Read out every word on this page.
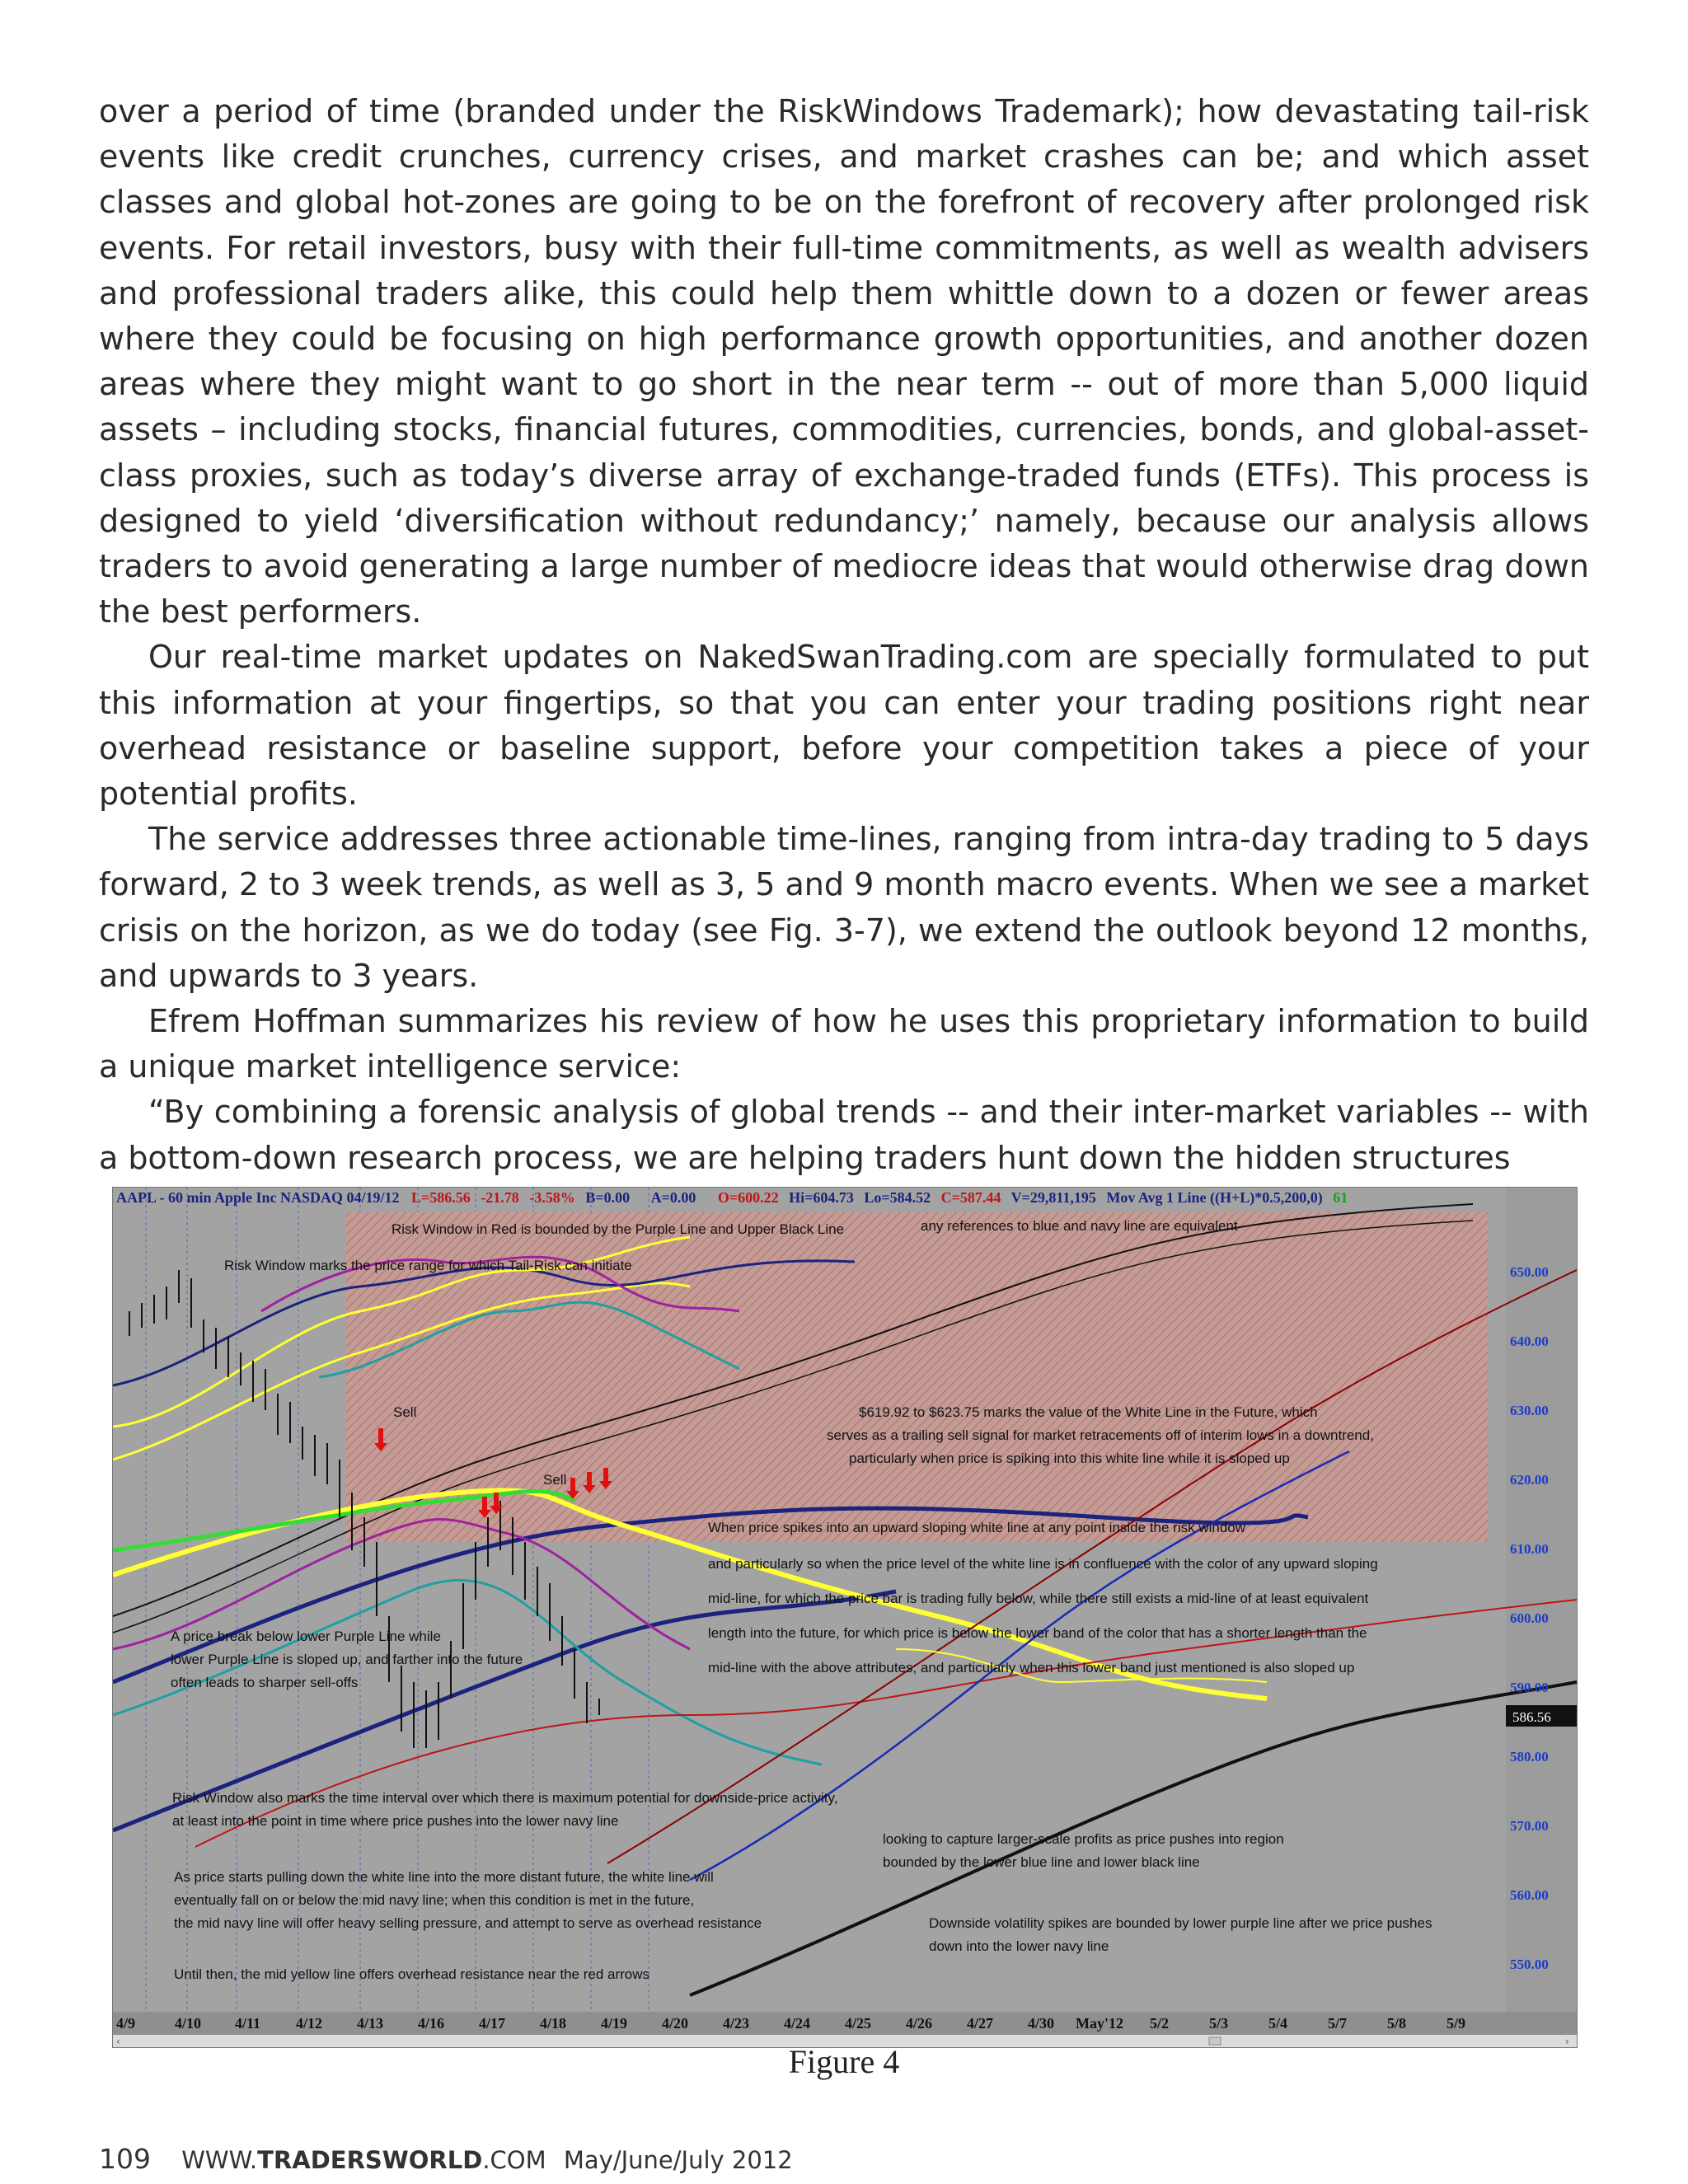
over a period of time (branded under the RiskWindows Trademark); how devastating tail-risk events like credit crunches, currency crises, and market crashes can be; and which asset classes and global hot-zones are going to be on the forefront of recovery after prolonged risk events. For retail investors, busy with their full-time commitments, as well as wealth advisers and professional traders alike, this could help them whittle down to a dozen or fewer areas where they could be focusing on high performance growth opportunities, and another dozen areas where they might want to go short in the near term -- out of more than 5,000 liquid assets – including stocks, financial futures, commodities, currencies, bonds, and global-asset-class proxies, such as today’s diverse array of exchange-traded funds (ETFs). This process is designed to yield ‘diversification without redundancy;’ namely, because our analysis allows traders to avoid generating a large number of mediocre ideas that would otherwise drag down the best performers.

Our real-time market updates on NakedSwanTrading.com are specially formulated to put this information at your fingertips, so that you can enter your trading positions right near overhead resistance or baseline support, before your competition takes a piece of your potential profits.

The service addresses three actionable time-lines, ranging from intra-day trading to 5 days forward, 2 to 3 week trends, as well as 3, 5 and 9 month macro events. When we see a market crisis on the horizon, as we do today (see Fig. 3-7), we extend the outlook beyond 12 months, and upwards to 3 years.

Efrem Hoffman summarizes his review of how he uses this proprietary information to build a unique market intelligence service:

“By combining a forensic analysis of global trends -- and their inter-market variables -- with a bottom-down research process, we are helping traders hunt down the hidden structures

AAPL - 60 min Apple Inc NASDAQ 04/19/12 L=586.56 -21.78 -3.58% B=0.00 A=0.00 O=600.22 Hi=604.73 Lo=584.52 C=587.44 V=29,811,195 Mov Avg 1 Line ((H+L)*0.5,200,0) 61
Risk Window in Red is bounded by the Purple Line and Upper Black Line	any references to blue and navy line are equivalent
Risk Window marks the price range for which Tail-Risk can initiate
Sell
Sell
$619.92 to $623.75 marks the value of the White Line in the Future, which
serves as a trailing sell signal for market retracements off of interim lows in a downtrend,
particularly when price is spiking into this white line while it is sloped up
When price spikes into an upward sloping white line at any point inside the risk window
and particularly so when the price level of the white line is in confluence with the color of any upward sloping
mid-line, for which the price bar is trading fully below, while there still exists a mid-line of at least equivalent
length into the future, for which price is below the lower band of the color that has a shorter length than the
mid-line with the above attributes; and particularly when this lower band just mentioned is also sloped up
A price break below lower Purple Line while
lower Purple Line is sloped up, and farther into the future
often leads to sharper sell-offs
Risk Window also marks the time interval over which there is maximum potential for downside-price activity,
at least into the point in time where price pushes into the lower navy line
looking to capture larger-scale profits as price pushes into region
bounded by the lower blue line and lower black line
As price starts pulling down the white line into the more distant future, the white line will
eventually fall on or below the mid navy line; when this condition is met in the future,
the mid navy line will offer heavy selling pressure, and attempt to serve as overhead resistance	Downside volatility spikes are bounded by lower purple line after we price pushes
down into the lower navy line
Until then, the mid yellow line offers overhead resistance near the red arrows
650.00
640.00
630.00
620.00
610.00
600.00
590.00
580.00
570.00
560.00
550.00
586.56
4/9	4/10 4/11 4/12 4/13 4/16 4/17 4/18 4/19 4/20 4/23 4/24 4/25 4/26 4/27 4/30 May'12 5/2	5/3	5/4	5/7	5/8	5/9
‹	›
Figure 4
109 WWW.TRADERSWORLD.COM May/June/July 2012
